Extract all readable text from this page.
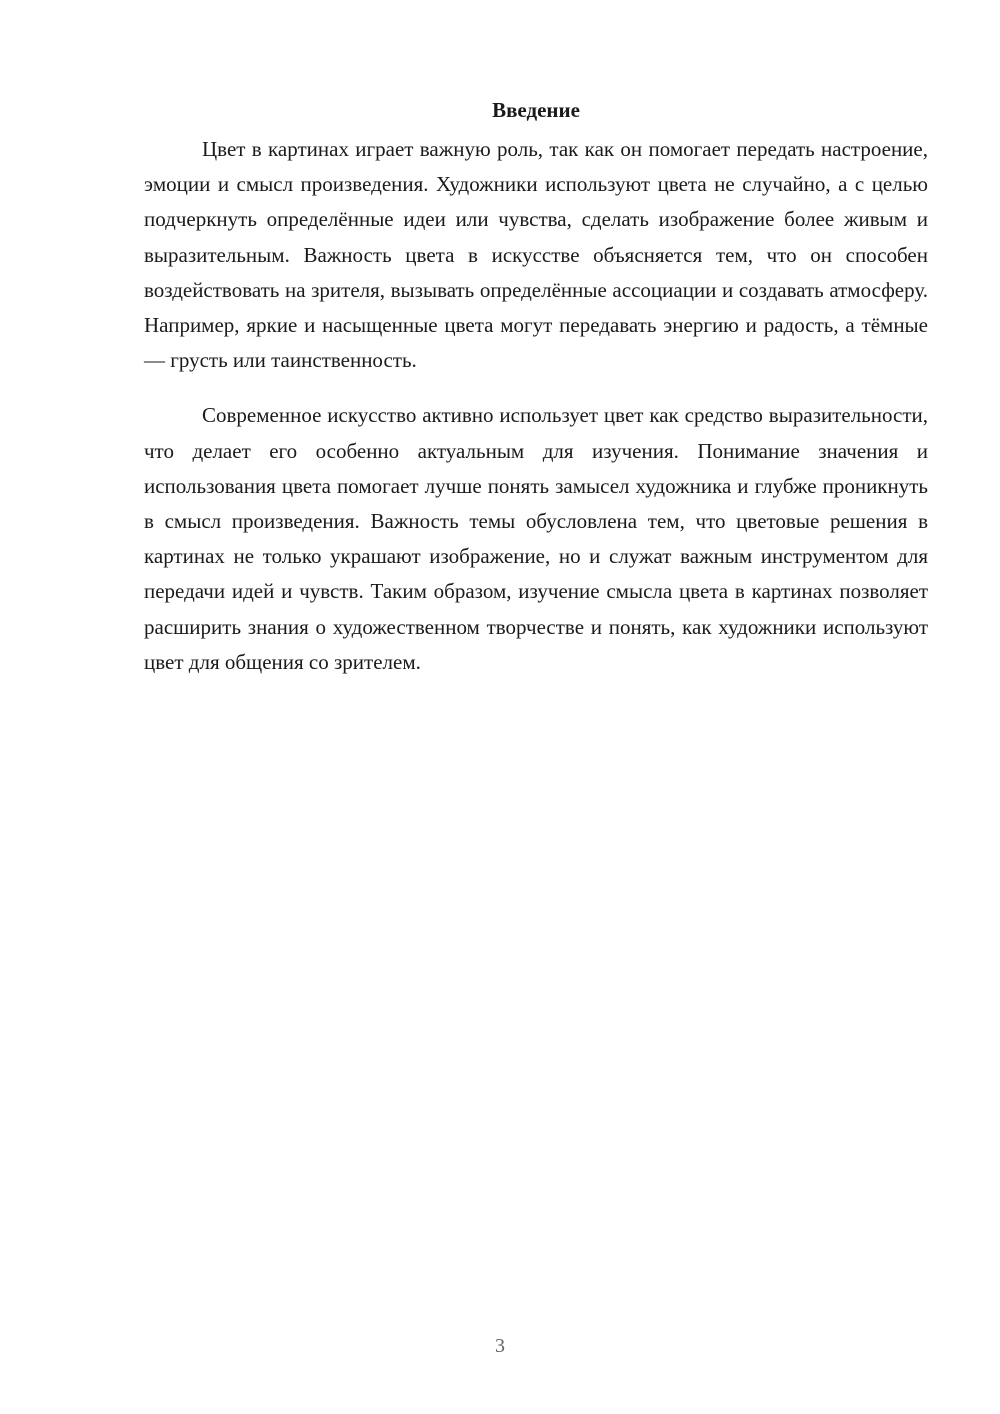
Введение

Цвет в картинах играет важную роль, так как он помогает передать настроение, эмоции и смысл произведения. Художники используют цвета не случайно, а с целью подчеркнуть определённые идеи или чувства, сделать изображение более живым и выразительным. Важность цвета в искусстве объясняется тем, что он способен воздействовать на зрителя, вызывать определённые ассоциации и создавать атмосферу. Например, яркие и насыщенные цвета могут передавать энергию и радость, а тёмные — грусть или таинственность.

Современное искусство активно использует цвет как средство выразительности, что делает его особенно актуальным для изучения. Понимание значения и использования цвета помогает лучше понять замысел художника и глубже проникнуть в смысл произведения. Важность темы обусловлена тем, что цветовые решения в картинах не только украшают изображение, но и служат важным инструментом для передачи идей и чувств. Таким образом, изучение смысла цвета в картинах позволяет расширить знания о художественном творчестве и понять, как художники используют цвет для общения со зрителем.

3
